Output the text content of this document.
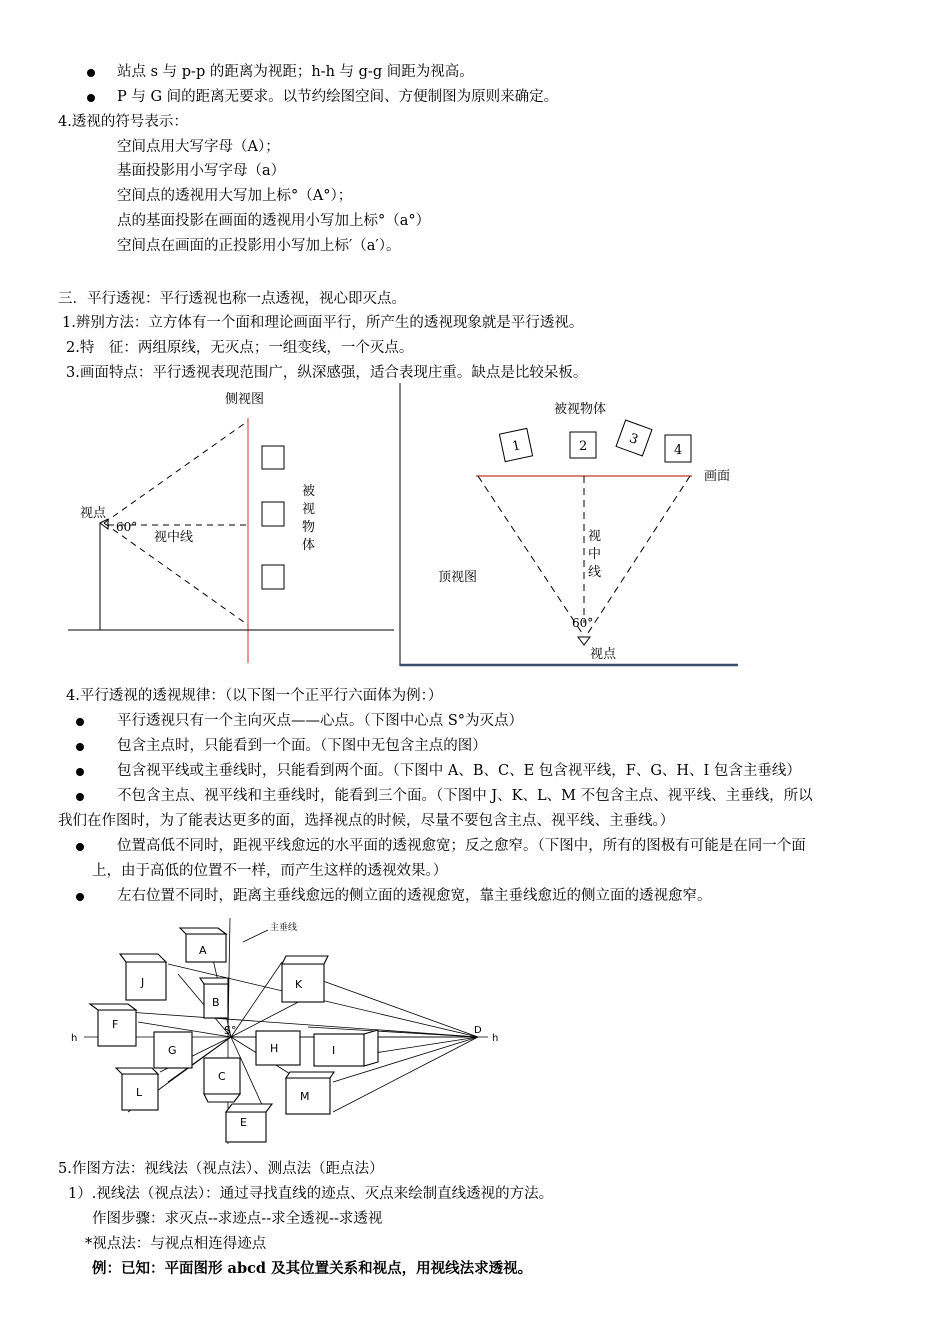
站点 s 与 p-p 的距离为视距；h-h 与 g-g 间距为视高。
P 与 G 间的距离无要求。以节约绘图空间、方便制图为原则来确定。
4.透视的符号表示：
空间点用大写字母（A）；
基面投影用小写字母（a）
空间点的透视用大写加上标°（A°）；
点的基面投影在画面的透视用小写加上标°（a°）
空间点在画面的正投影用小写加上标′（a′）。
三．平行透视：平行透视也称一点透视，视心即灭点。
1.辨别方法：立方体有一个面和理论画面平行，所产生的透视现象就是平行透视。
2.特　征：两组原线，无灭点；一组变线，一个灭点。
3.画面特点：平行透视表现范围广，纵深感强，适合表现庄重。缺点是比较呆板。
侧视图
视点
60°
视中线
被
视
物
体
被视物体
1	2	3
4
画面
视
中
线
顶视图
60°
视点
4.平行透视的透视规律：（以下图一个正平行六面体为例：）
平行透视只有一个主向灭点——心点。（下图中心点 S°为灭点）
包含主点时，只能看到一个面。（下图中无包含主点的图）
包含视平线或主垂线时，只能看到两个面。（下图中 A、B、C、E 包含视平线，F、G、H、I 包含主垂线）
不包含主点、视平线和主垂线时，能看到三个面。（下图中 J、K、L、M 不包含主点、视平线、主垂线，所以
我们在作图时，为了能表达更多的面，选择视点的时候，尽量不要包含主点、视平线、主垂线。）
位置高低不同时，距视平线愈远的水平面的透视愈宽；反之愈窄。（下图中，所有的图极有可能是在同一个面
上，由于高低的位置不一样，而产生这样的透视效果。）
左右位置不同时，距离主垂线愈远的侧立面的透视愈宽，靠主垂线愈近的侧立面的透视愈窄。
主垂线
h	h
S°	D
A
B
C
E
F
G	H	I
J	K
L	M
5.作图方法：视线法（视点法）、测点法（距点法）
1）.视线法（视点法）：通过寻找直线的迹点、灭点来绘制直线透视的方法。
作图步骤：求灭点--求迹点--求全透视--求透视
*视点法：与视点相连得迹点
例：已知：平面图形 abcd 及其位置关系和视点，用视线法求透视。
